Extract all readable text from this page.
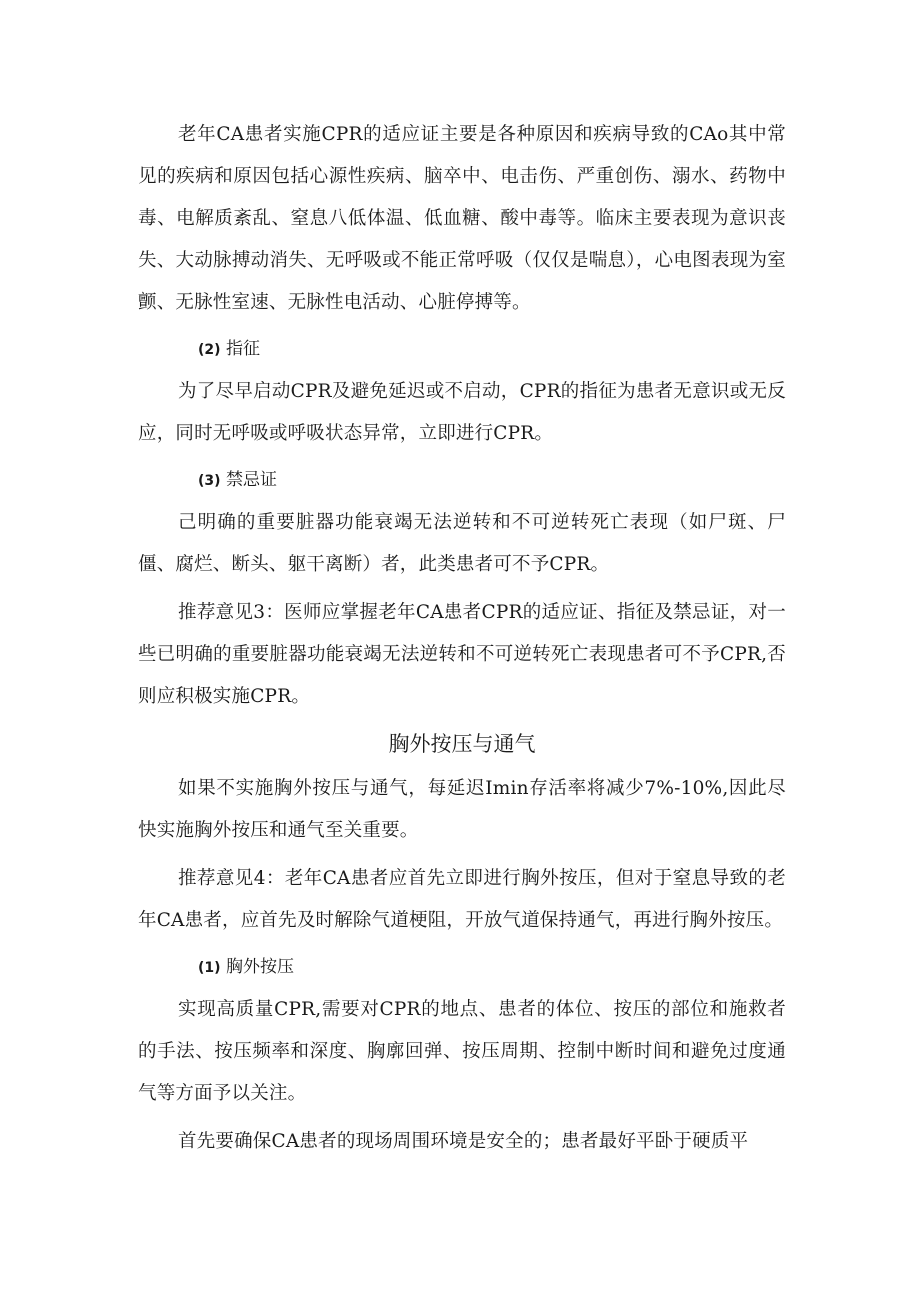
老年CA患者实施CPR的适应证主要是各种原因和疾病导致的CAo其中常见的疾病和原因包括心源性疾病、脑卒中、电击伤、严重创伤、溺水、药物中毒、电解质紊乱、窒息八低体温、低血糖、酸中毒等。临床主要表现为意识丧失、大动脉搏动消失、无呼吸或不能正常呼吸（仅仅是喘息），心电图表现为室颤、无脉性室速、无脉性电活动、心脏停搏等。

(2) 指征

为了尽早启动CPR及避免延迟或不启动，CPR的指征为患者无意识或无反应，同时无呼吸或呼吸状态异常，立即进行CPR。

(3) 禁忌证

己明确的重要脏器功能衰竭无法逆转和不可逆转死亡表现（如尸斑、尸僵、腐烂、断头、躯干离断）者，此类患者可不予CPR。

推荐意见3：医师应掌握老年CA患者CPR的适应证、指征及禁忌证，对一些已明确的重要脏器功能衰竭无法逆转和不可逆转死亡表现患者可不予CPR,否则应积极实施CPR。

胸外按压与通气

如果不实施胸外按压与通气，每延迟Imin存活率将减少7%-10%,因此尽快实施胸外按压和通气至关重要。

推荐意见4：老年CA患者应首先立即进行胸外按压，但对于窒息导致的老年CA患者，应首先及时解除气道梗阻，开放气道保持通气，再进行胸外按压。

(1) 胸外按压

实现高质量CPR,需要对CPR的地点、患者的体位、按压的部位和施救者的手法、按压频率和深度、胸廓回弹、按压周期、控制中断时间和避免过度通气等方面予以关注。

首先要确保CA患者的现场周围环境是安全的；患者最好平卧于硬质平
